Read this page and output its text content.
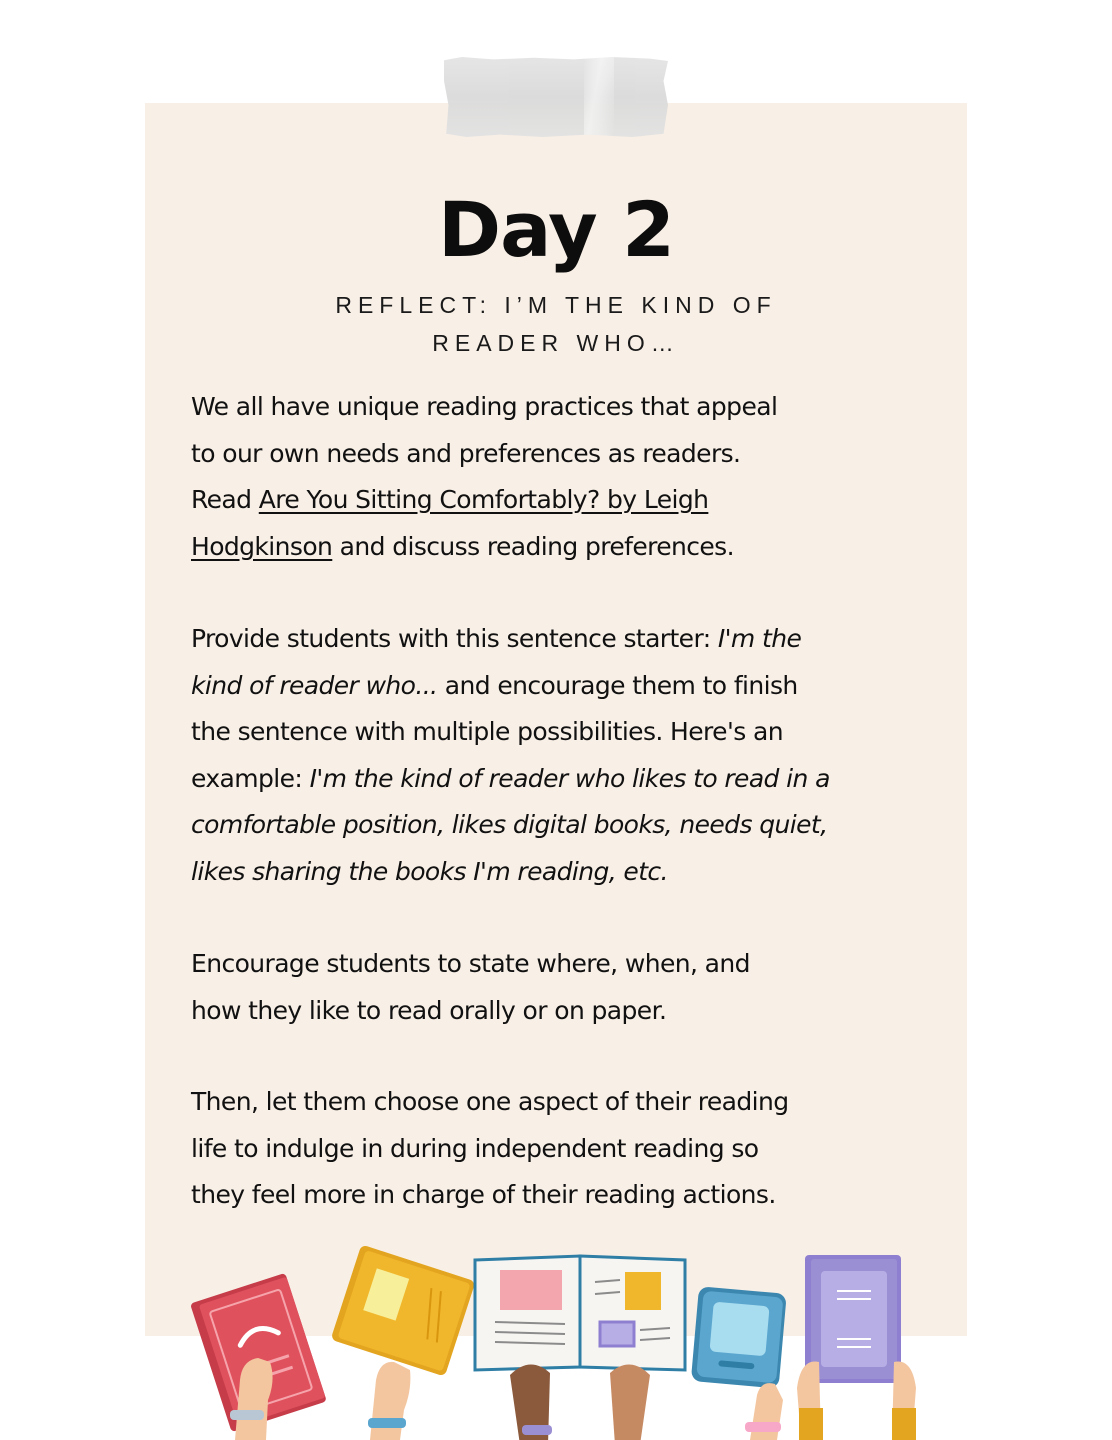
Day 2
REFLECT: I’M THE KIND OF
READER WHO…
We all have unique reading practices that appeal
to our own needs and preferences as readers.
Read Are You Sitting Comfortably? by Leigh
Hodgkinson and discuss reading preferences.
Provide students with this sentence starter: I'm the
kind of reader who... and encourage them to finish
the sentence with multiple possibilities. Here's an
example: I'm the kind of reader who likes to read in a
comfortable position, likes digital books, needs quiet,
likes sharing the books I'm reading, etc.
Encourage students to state where, when, and
how they like to read orally or on paper.
Then, let them choose one aspect of their reading
life to indulge in during independent reading so
they feel more in charge of their reading actions.
